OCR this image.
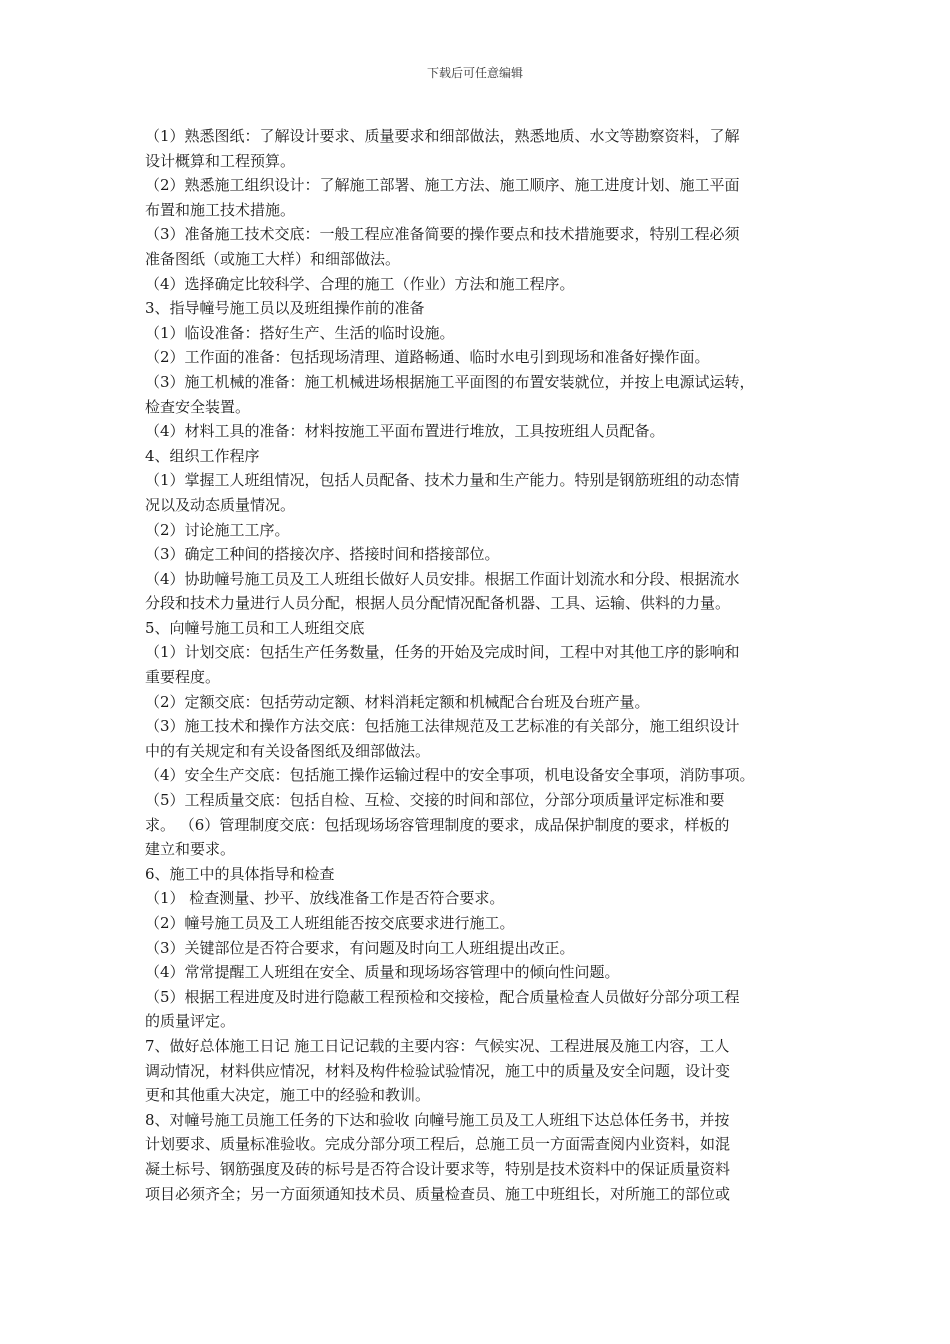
下载后可任意编辑
（1）熟悉图纸：了解设计要求、质量要求和细部做法，熟悉地质、水文等勘察资料，了解
设计概算和工程预算。
（2）熟悉施工组织设计：了解施工部署、施工方法、施工顺序、施工进度计划、施工平面
布置和施工技术措施。
（3）准备施工技术交底：一般工程应准备简要的操作要点和技术措施要求，特别工程必须
准备图纸（或施工大样）和细部做法。
（4）选择确定比较科学、合理的施工（作业）方法和施工程序。
3、指导幢号施工员以及班组操作前的准备
（1）临设准备：搭好生产、生活的临时设施。
（2）工作面的准备：包括现场清理、道路畅通、临时水电引到现场和准备好操作面。
（3）施工机械的准备：施工机械进场根据施工平面图的布置安装就位，并按上电源试运转，
检查安全装置。
（4）材料工具的准备：材料按施工平面布置进行堆放，工具按班组人员配备。
4、组织工作程序
（1）掌握工人班组情况，包括人员配备、技术力量和生产能力。特别是钢筋班组的动态情
况以及动态质量情况。
（2）讨论施工工序。
（3）确定工种间的搭接次序、搭接时间和搭接部位。
（4）协助幢号施工员及工人班组长做好人员安排。根据工作面计划流水和分段、根据流水
分段和技术力量进行人员分配，根据人员分配情况配备机器、工具、运输、供料的力量。
5、向幢号施工员和工人班组交底
（1）计划交底：包括生产任务数量，任务的开始及完成时间，工程中对其他工序的影响和
重要程度。
（2）定额交底：包括劳动定额、材料消耗定额和机械配合台班及台班产量。
（3）施工技术和操作方法交底：包括施工法律规范及工艺标准的有关部分，施工组织设计
中的有关规定和有关设备图纸及细部做法。
（4）安全生产交底：包括施工操作运输过程中的安全事项，机电设备安全事项，消防事项。
（5）工程质量交底：包括自检、互检、交接的时间和部位，分部分项质量评定标准和要
求。 （6）管理制度交底：包括现场场容管理制度的要求，成品保护制度的要求，样板的
建立和要求。
6、施工中的具体指导和检查
（1） 检查测量、抄平、放线准备工作是否符合要求。
（2）幢号施工员及工人班组能否按交底要求进行施工。
（3）关键部位是否符合要求，有问题及时向工人班组提出改正。
（4）常常提醒工人班组在安全、质量和现场场容管理中的倾向性问题。
（5）根据工程进度及时进行隐蔽工程预检和交接检，配合质量检查人员做好分部分项工程
的质量评定。
7、做好总体施工日记 施工日记记载的主要内容：气候实况、工程进展及施工内容，工人
调动情况，材料供应情况，材料及构件检验试验情况，施工中的质量及安全问题，设计变
更和其他重大决定，施工中的经验和教训。
8、对幢号施工员施工任务的下达和验收 向幢号施工员及工人班组下达总体任务书，并按
计划要求、质量标准验收。完成分部分项工程后，总施工员一方面需查阅内业资料，如混
凝土标号、钢筋强度及砖的标号是否符合设计要求等，特别是技术资料中的保证质量资料
项目必须齐全；另一方面须通知技术员、质量检查员、施工中班组长，对所施工的部位或
